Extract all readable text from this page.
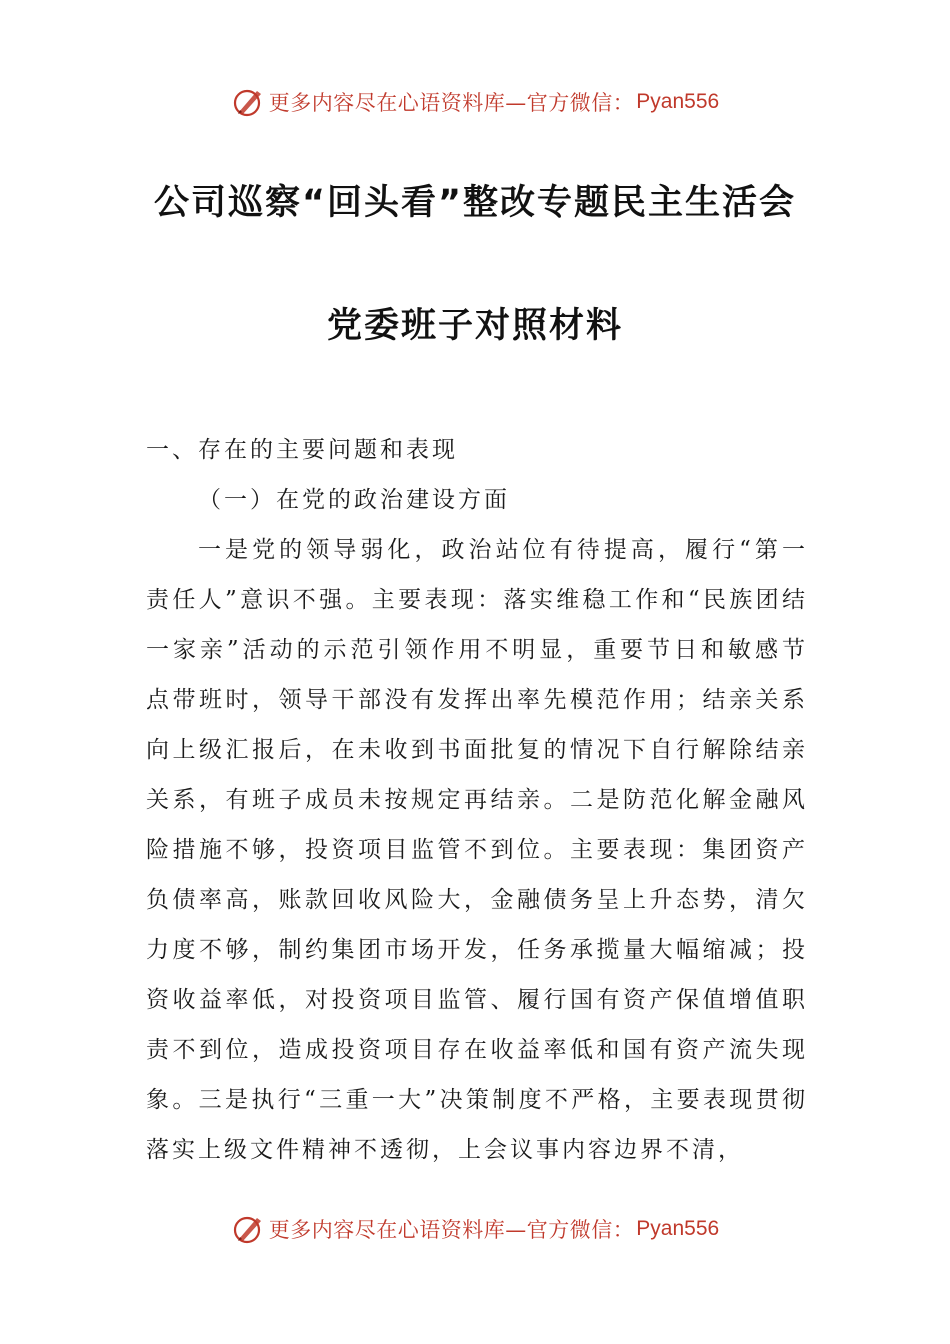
更多内容尽在心语资料库—官方微信： Pyan556
公司巡察“回头看”整改专题民主生活会
党委班子对照材料

一、存在的主要问题和表现

（一）在党的政治建设方面

一是党的领导弱化，政治站位有待提高，履行“第一责任人”意识不强。主要表现：落实维稳工作和“民族团结一家亲”活动的示范引领作用不明显，重要节日和敏感节点带班时，领导干部没有发挥出率先模范作用；结亲关系向上级汇报后，在未收到书面批复的情况下自行解除结亲关系，有班子成员未按规定再结亲。二是防范化解金融风险措施不够，投资项目监管不到位。主要表现：集团资产负债率高，账款回收风险大，金融债务呈上升态势，清欠力度不够，制约集团市场开发，任务承揽量大幅缩减；投资收益率低，对投资项目监管、履行国有资产保值增值职责不到位，造成投资项目存在收益率低和国有资产流失现象。三是执行“三重一大”决策制度不严格，主要表现贯彻落实上级文件精神不透彻，上会议事内容边界不清，

更多内容尽在心语资料库—官方微信： Pyan556
